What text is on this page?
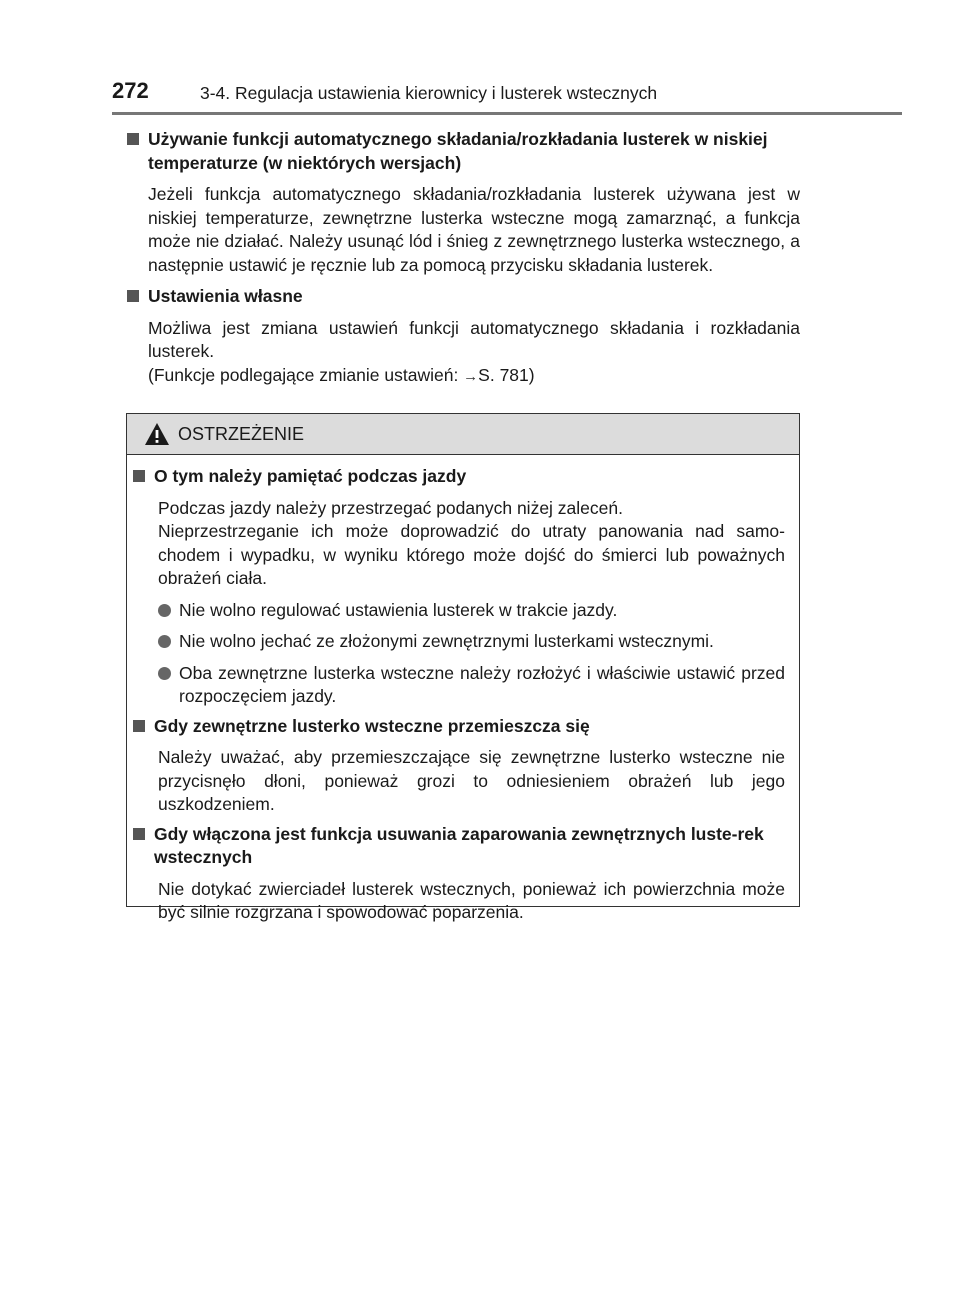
272	3-4. Regulacja ustawienia kierownicy i lusterek wstecznych
Używanie funkcji automatycznego składania/rozkładania lusterek w niskiej temperaturze (w niektórych wersjach)
Jeżeli funkcja automatycznego składania/rozkładania lusterek używana jest w niskiej temperaturze, zewnętrzne lusterka wsteczne mogą zamarznąć, a funkcja może nie działać. Należy usunąć lód i śnieg z zewnętrznego lusterka wstecznego, a następnie ustawić je ręcznie lub za pomocą przycisku składania lusterek.
Ustawienia własne
Możliwa jest zmiana ustawień funkcji automatycznego składania i rozkładania lusterek.
(Funkcje podlegające zmianie ustawień: →S. 781)
OSTRZEŻENIE
O tym należy pamiętać podczas jazdy
Podczas jazdy należy przestrzegać podanych niżej zaleceń.
Nieprzestrzeganie ich może doprowadzić do utraty panowania nad samo-chodem i wypadku, w wyniku którego może dojść do śmierci lub poważnych obrażeń ciała.
Nie wolno regulować ustawienia lusterek w trakcie jazdy.
Nie wolno jechać ze złożonymi zewnętrznymi lusterkami wstecznymi.
Oba zewnętrzne lusterka wsteczne należy rozłożyć i właściwie ustawić przed rozpoczęciem jazdy.
Gdy zewnętrzne lusterko wsteczne przemieszcza się
Należy uważać, aby przemieszczające się zewnętrzne lusterko wsteczne nie przycisnęło dłoni, ponieważ grozi to odniesieniem obrażeń lub jego uszkodzeniem.
Gdy włączona jest funkcja usuwania zaparowania zewnętrznych luste-rek wstecznych
Nie dotykać zwierciadeł lusterek wstecznych, ponieważ ich powierzchnia może być silnie rozgrzana i spowodować poparzenia.
